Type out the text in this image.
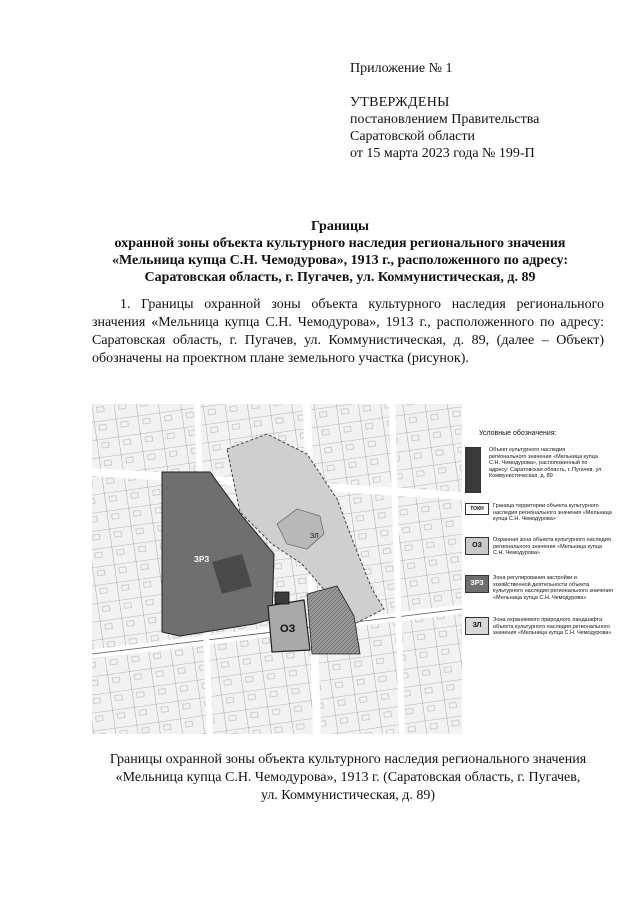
Приложение № 1
УТВЕРЖДЕНЫ
постановлением Правительства
Саратовской области
от 15 марта 2023 года № 199-П
Границы
охранной зоны объекта культурного наследия регионального значения
«Мельница купца С.Н. Чемодурова», 1913 г., расположенного по адресу:
Саратовская область, г. Пугачев, ул. Коммунистическая, д. 89
1. Границы охранной зоны объекта культурного наследия регионального значения «Мельница купца С.Н. Чемодурова», 1913 г., расположенного по адресу: Саратовская область, г. Пугачев, ул. Коммунистическая, д. 89, (далее – Объект) обозначены на проектном плане земельного участка (рисунок).
ЗЛ
ЗРЗ
ОЗ
Условные обозначения:
Объект культурного наследия регионального значения «Мельница купца С.Н. Чемодурова», расположенный по адресу: Саратовская область, г. Пугачев, ул. Коммунистическая, д. 89
ТОКН	Граница территории объекта культурного наследия регионального значения «Мельница купца С.Н. Чемодурова»
ОЗ
Охранная зона объекта культурного наследия регионального значения «Мельница купца С.Н. Чемодурова»
ЗРЗ
Зона регулирования застройки и хозяйственной деятельности объекта культурного наследия регионального значения «Мельница купца С.Н. Чемодурова»
ЗЛ
Зона охраняемого природного ландшафта объекта культурного наследия регионального значения «Мельница купца С.Н. Чемодурова»
Границы охранной зоны объекта культурного наследия регионального значения
«Мельница купца С.Н. Чемодурова», 1913 г. (Саратовская область, г. Пугачев,
ул. Коммунистическая, д. 89)
